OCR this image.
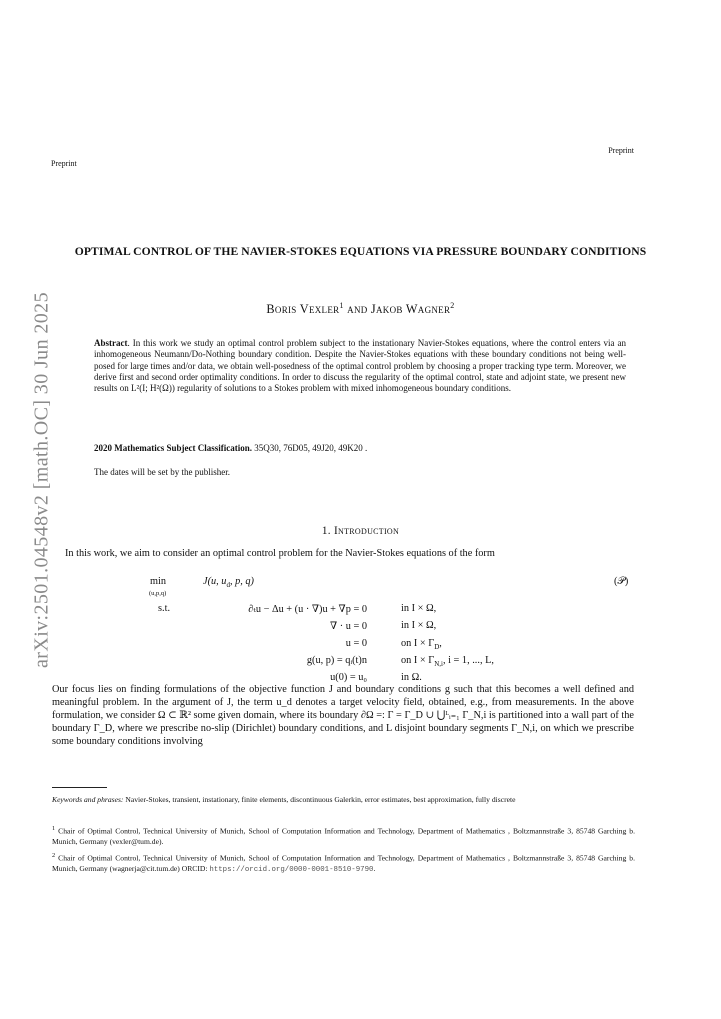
Preprint
Preprint
arXiv:2501.04548v2 [math.OC] 30 Jun 2025
OPTIMAL CONTROL OF THE NAVIER-STOKES EQUATIONS VIA PRESSURE BOUNDARY CONDITIONS
Boris Vexler$^1$ and Jakob Wagner$^2$
Abstract. In this work we study an optimal control problem subject to the instationary Navier-Stokes equations, where the control enters via an inhomogeneous Neumann/Do-Nothing boundary condition. Despite the Navier-Stokes equations with these boundary conditions not being well-posed for large times and/or data, we obtain well-posedness of the optimal control problem by choosing a proper tracking type term. Moreover, we derive first and second order optimality conditions. In order to discuss the regularity of the optimal control, state and adjoint state, we present new results on L²(I; H²(Ω)) regularity of solutions to a Stokes problem with mixed inhomogeneous boundary conditions.
2020 Mathematics Subject Classification. 35Q30, 76D05, 49J20, 49K20 .
The dates will be set by the publisher.
1. Introduction
In this work, we aim to consider an optimal control problem for the Navier-Stokes equations of the form
min
(u,p,q)
J(u, $u_d$, p, q)	(𝒫)
s.t.	∂ₜu − Δu + (u · ∇)u + ∇p = 0	in I × Ω,
∇ · u = 0	in I × Ω,
u = 0	on $I \times \Gamma_D$,
g(u, p) = qᵢ(t)n	on $I \times \Gamma_{N,i}$, i = 1, ..., L,
u(0) = u₀	in Ω.
Our focus lies on finding formulations of the objective function J and boundary conditions g such that this becomes a well defined and meaningful problem. In the argument of J, the term u_d denotes a target velocity field, obtained, e.g., from measurements. In the above formulation, we consider Ω ⊂ ℝ² some given domain, where its boundary ∂Ω =: Γ = Γ_D ∪ ⋃ᴸᵢ₌₁ Γ_N,i is partitioned into a wall part of the boundary Γ_D, where we prescribe no-slip (Dirichlet) boundary conditions, and L disjoint boundary segments Γ_N,i, on which we prescribe some boundary conditions involving
Keywords and phrases: Navier-Stokes, transient, instationary, finite elements, discontinuous Galerkin, error estimates, best approximation, fully discrete
$^1$ Chair of Optimal Control, Technical University of Munich, School of Computation Information and Technology, Department of Mathematics , Boltzmannstraße 3, 85748 Garching b. Munich, Germany (vexler@tum.de).
$^2$ Chair of Optimal Control, Technical University of Munich, School of Computation Information and Technology, Department of Mathematics , Boltzmannstraße 3, 85748 Garching b. Munich, Germany (wagnerja@cit.tum.de) ORCID: https://orcid.org/0000-0001-8510-9790.
